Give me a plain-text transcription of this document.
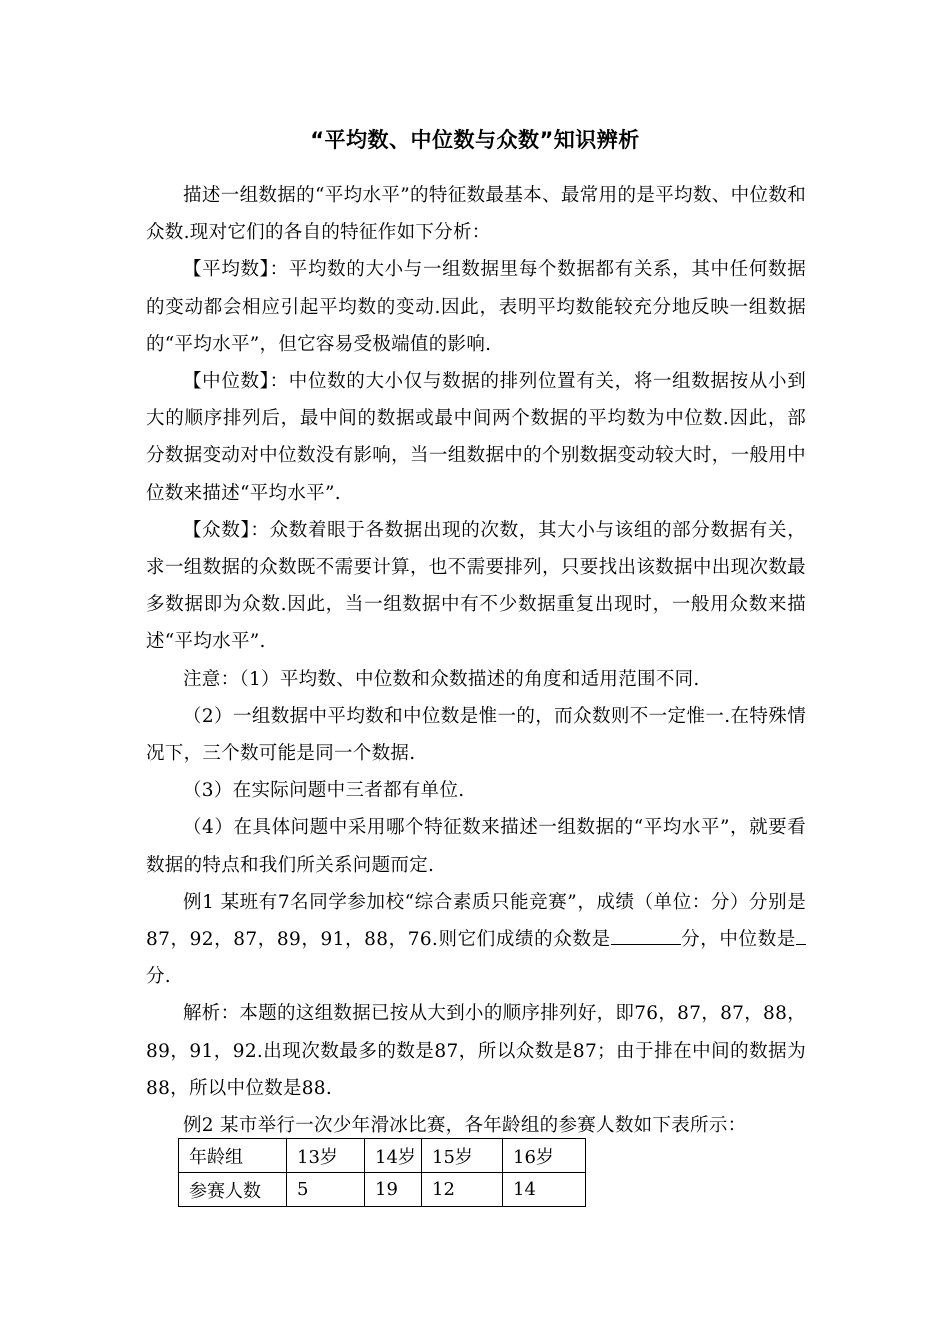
“平均数、中位数与众数”知识辨析

描述一组数据的“平均水平”的特征数最基本、最常用的是平均数、中位数和众数.现对它们的各自的特征作如下分析：

【平均数】：平均数的大小与一组数据里每个数据都有关系，其中任何数据的变动都会相应引起平均数的变动.因此，表明平均数能较充分地反映一组数据的“平均水平”，但它容易受极端值的影响.

【中位数】：中位数的大小仅与数据的排列位置有关，将一组数据按从小到大的顺序排列后，最中间的数据或最中间两个数据的平均数为中位数.因此，部分数据变动对中位数没有影响，当一组数据中的个别数据变动较大时，一般用中位数来描述“平均水平”.

【众数】：众数着眼于各数据出现的次数，其大小与该组的部分数据有关，求一组数据的众数既不需要计算，也不需要排列，只要找出该数据中出现次数最多数据即为众数.因此，当一组数据中有不少数据重复出现时，一般用众数来描述“平均水平”.

注意：（1）平均数、中位数和众数描述的角度和适用范围不同.

（2）一组数据中平均数和中位数是惟一的，而众数则不一定惟一.在特殊情况下，三个数可能是同一个数据.

（3）在实际问题中三者都有单位.

（4）在具体问题中采用哪个特征数来描述一组数据的“平均水平”，就要看数据的特点和我们所关系问题而定.

例1 某班有7名同学参加校“综合素质只能竞赛”，成绩（单位：分）分别是87，92，87，89，91，88，76.则它们成绩的众数是	分，中位数是分.

解析：本题的这组数据已按从大到小的顺序排列好，即76，87，87，88，89，91，92.出现次数最多的数是87，所以众数是87；由于排在中间的数据为88，所以中位数是88.

例2 某市举行一次少年滑冰比赛，各年龄组的参赛人数如下表所示：

年龄组	13岁	14岁	15岁	16岁
参赛人数	5	19	12	14
